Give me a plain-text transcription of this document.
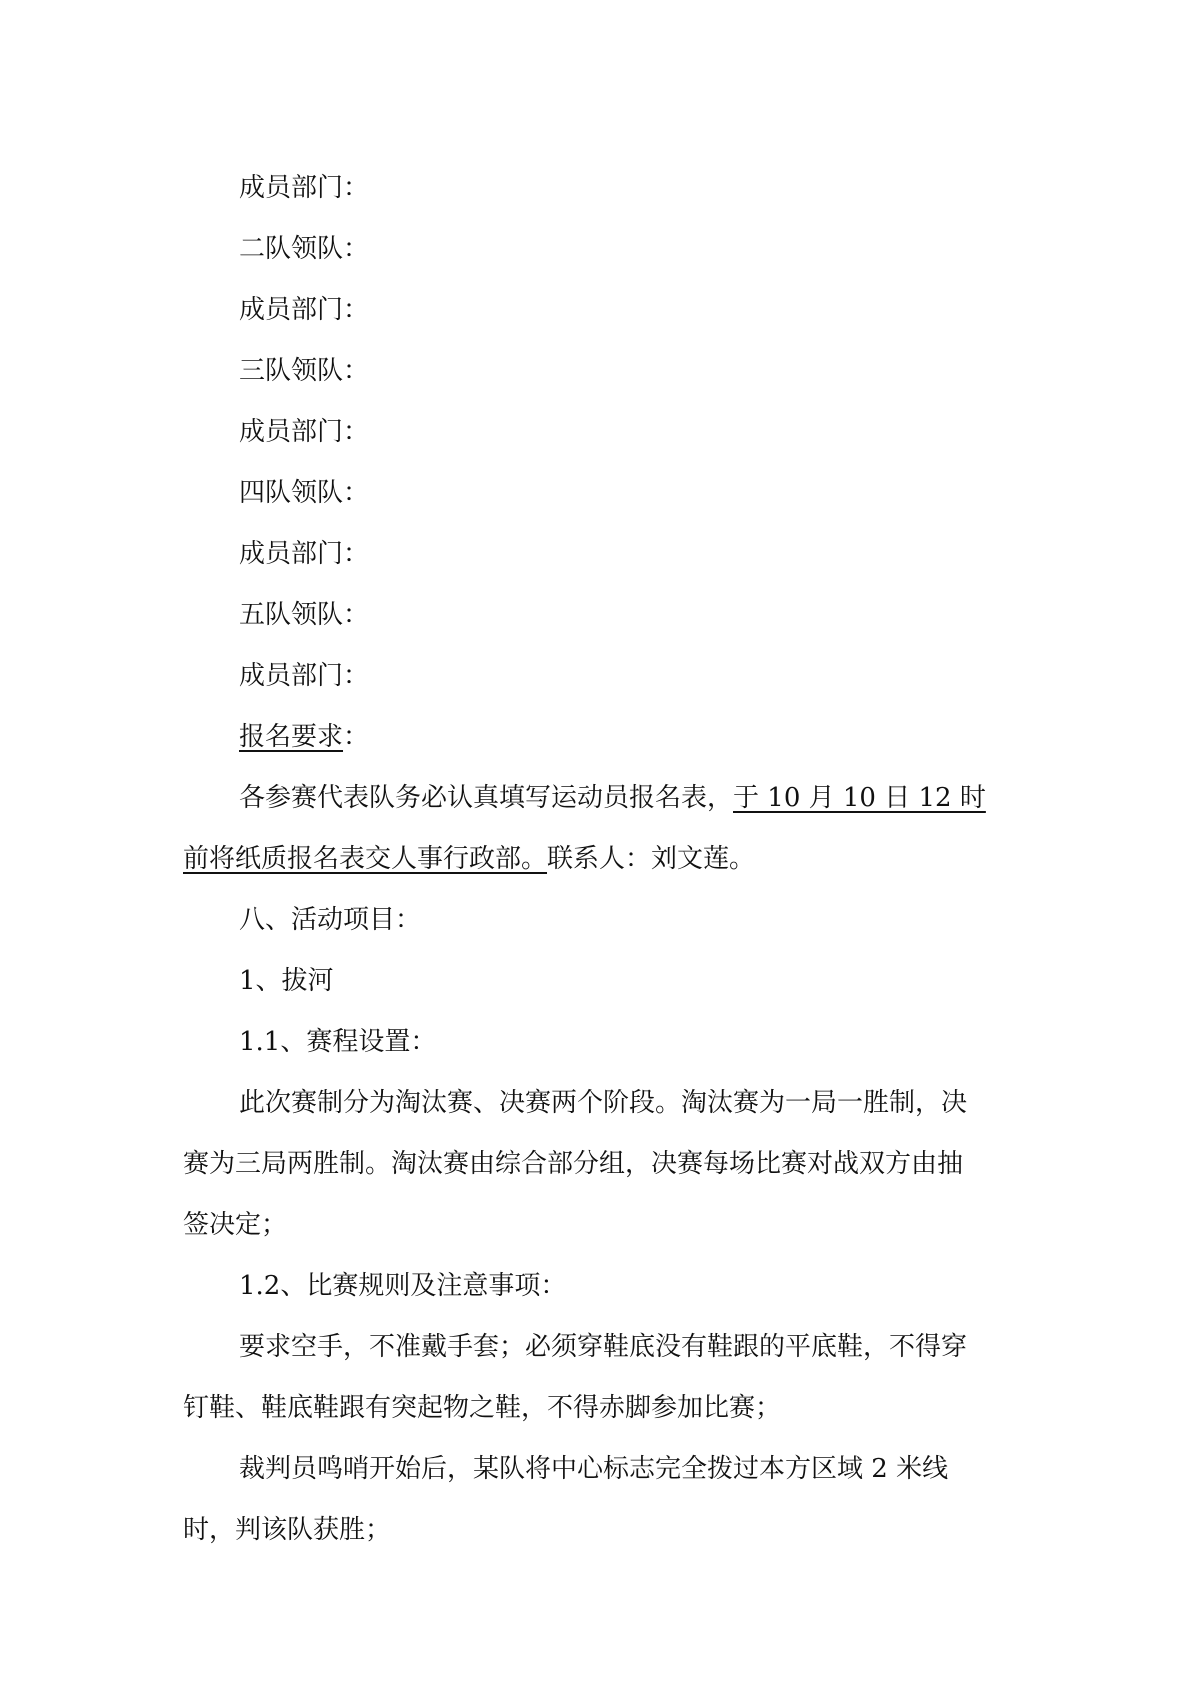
成员部门：
二队领队：
成员部门：
三队领队：
成员部门：
四队领队：
成员部门：
五队领队：
成员部门：
报名要求：
各参赛代表队务必认真填写运动员报名表，于 10 月 10 日 12 时
前将纸质报名表交人事行政部。联系人：刘文莲。
八、活动项目：
1、拔河
1.1、赛程设置：
此次赛制分为淘汰赛、决赛两个阶段。淘汰赛为一局一胜制，决
赛为三局两胜制。淘汰赛由综合部分组，决赛每场比赛对战双方由抽
签决定；
1.2、比赛规则及注意事项：
要求空手，不准戴手套；必须穿鞋底没有鞋跟的平底鞋，不得穿
钉鞋、鞋底鞋跟有突起物之鞋，不得赤脚参加比赛；
裁判员鸣哨开始后，某队将中心标志完全拨过本方区域 2 米线
时，判该队获胜；
